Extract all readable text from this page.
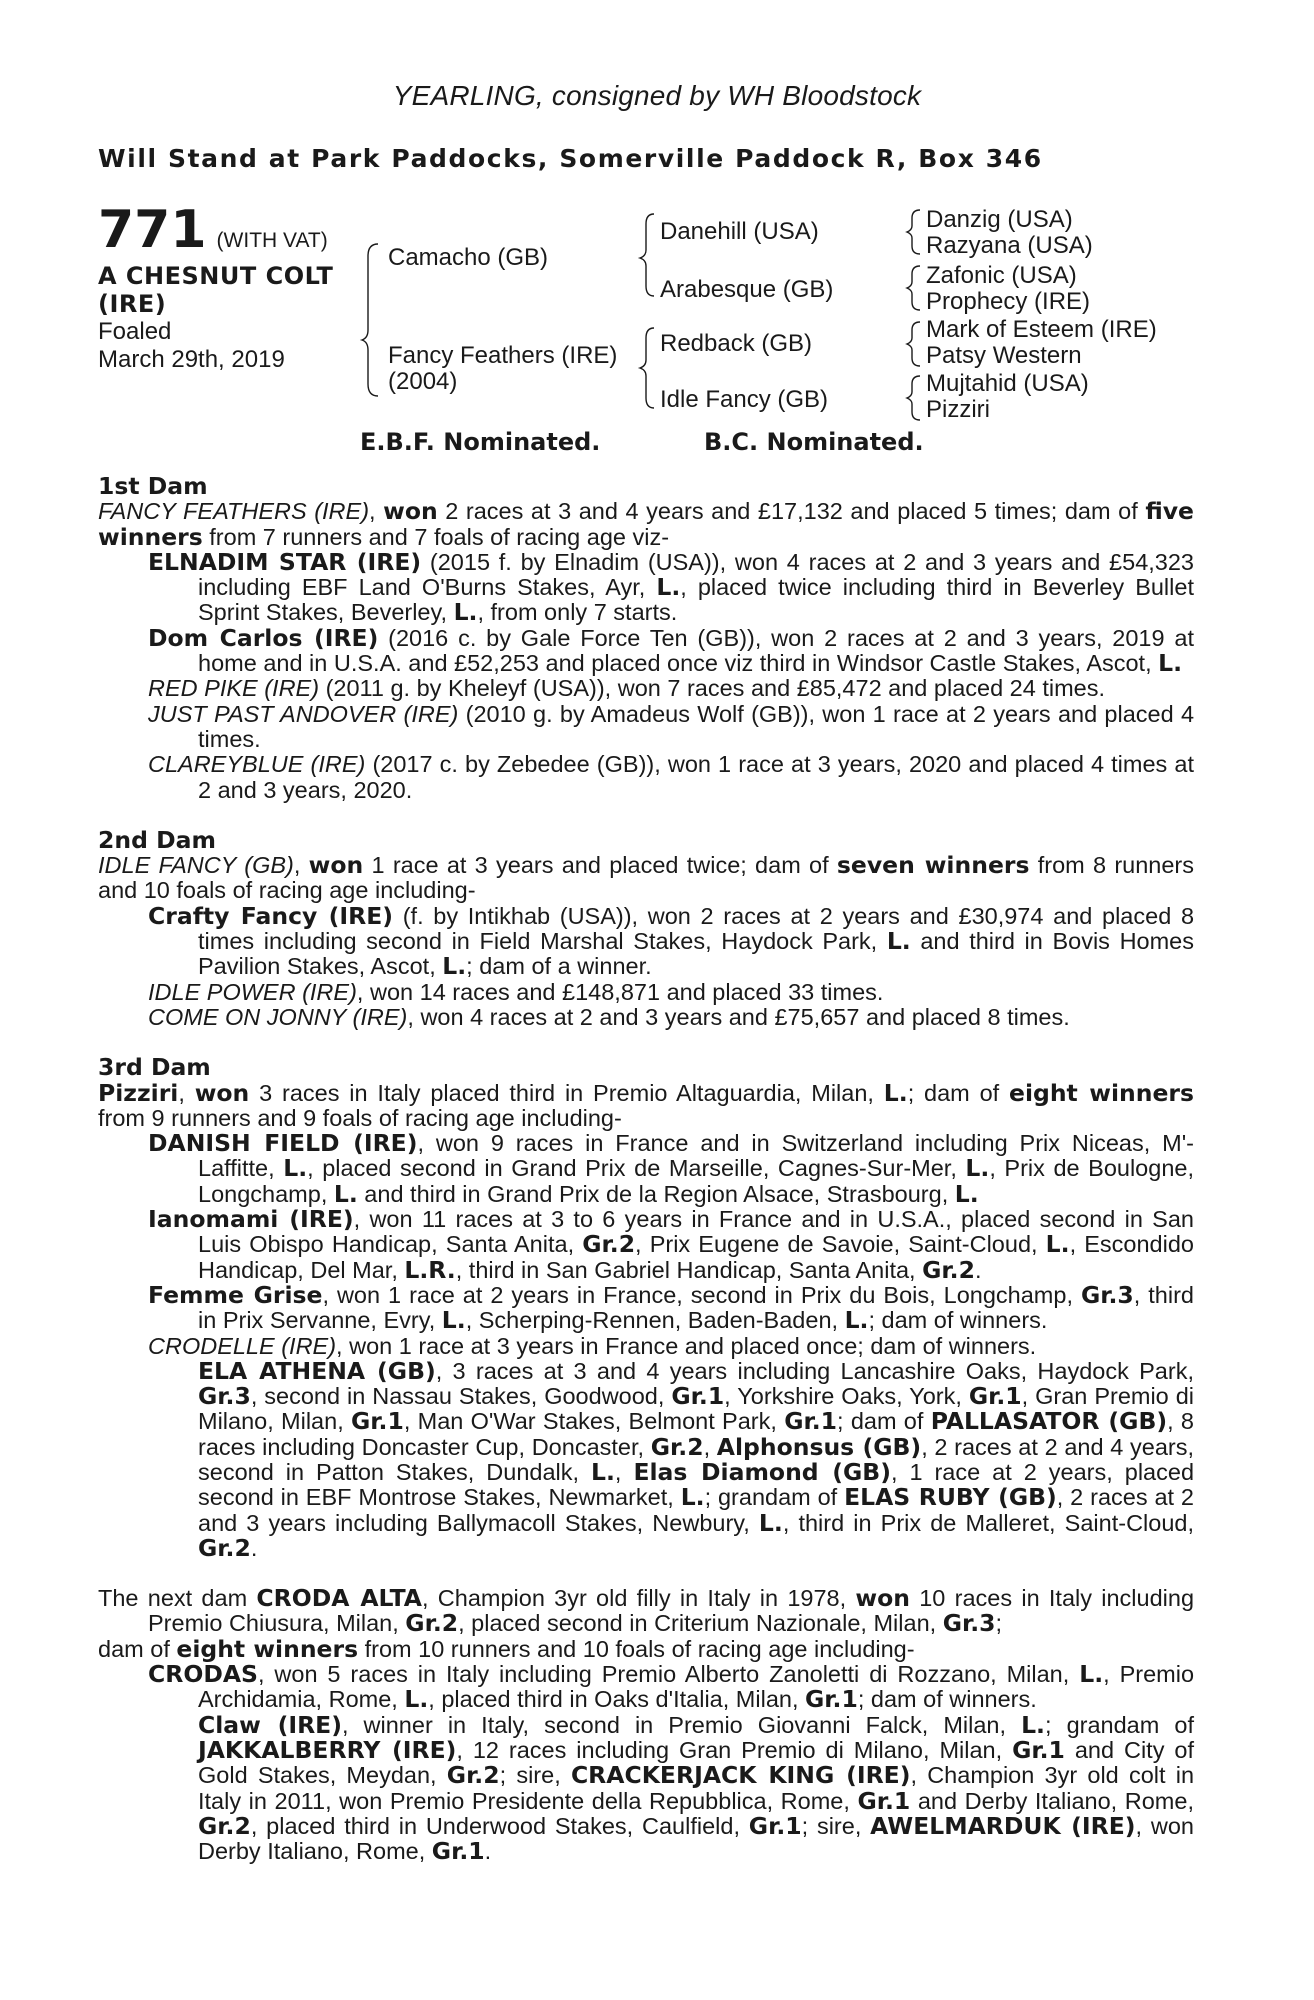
YEARLING, consigned by WH Bloodstock
Will Stand at Park Paddocks, Somerville Paddock R, Box 346
771 (WITH VAT)
A CHESNUT COLT
(IRE)
Foaled
March 29th, 2019
Camacho (GB)
Fancy Feathers (IRE)
(2004)
Danehill (USA)
Arabesque (GB)
Redback (GB)
Idle Fancy (GB)
Danzig (USA)
Razyana (USA)
Zafonic (USA)
Prophecy (IRE)
Mark of Esteem (IRE)
Patsy Western
Mujtahid (USA)
Pizziri
E.B.F. Nominated.	B.C. Nominated.

1st Dam

FANCY FEATHERS (IRE), won 2 races at 3 and 4 years and £17,132 and placed 5 times; dam of five winners from 7 runners and 7 foals of racing age viz-

ELNADIM STAR (IRE) (2015 f. by Elnadim (USA)), won 4 races at 2 and 3 years and £54,323 including EBF Land O'Burns Stakes, Ayr, L., placed twice including third in Beverley Bullet Sprint Stakes, Beverley, L., from only 7 starts.

Dom Carlos (IRE) (2016 c. by Gale Force Ten (GB)), won 2 races at 2 and 3 years, 2019 at home and in U.S.A. and £52,253 and placed once viz third in Windsor Castle Stakes, Ascot, L.

RED PIKE (IRE) (2011 g. by Kheleyf (USA)), won 7 races and £85,472 and placed 24 times.

JUST PAST ANDOVER (IRE) (2010 g. by Amadeus Wolf (GB)), won 1 race at 2 years and placed 4 times.

CLAREYBLUE (IRE) (2017 c. by Zebedee (GB)), won 1 race at 3 years, 2020 and placed 4 times at 2 and 3 years, 2020.

2nd Dam

IDLE FANCY (GB), won 1 race at 3 years and placed twice; dam of seven winners from 8 runners and 10 foals of racing age including-

Crafty Fancy (IRE) (f. by Intikhab (USA)), won 2 races at 2 years and £30,974 and placed 8 times including second in Field Marshal Stakes, Haydock Park, L. and third in Bovis Homes Pavilion Stakes, Ascot, L.; dam of a winner.

IDLE POWER (IRE), won 14 races and £148,871 and placed 33 times.

COME ON JONNY (IRE), won 4 races at 2 and 3 years and £75,657 and placed 8 times.

3rd Dam

Pizziri, won 3 races in Italy placed third in Premio Altaguardia, Milan, L.; dam of eight winners from 9 runners and 9 foals of racing age including-

DANISH FIELD (IRE), won 9 races in France and in Switzerland including Prix Niceas, M'-Laffitte, L., placed second in Grand Prix de Marseille, Cagnes-Sur-Mer, L., Prix de Boulogne, Longchamp, L. and third in Grand Prix de la Region Alsace, Strasbourg, L.

Ianomami (IRE), won 11 races at 3 to 6 years in France and in U.S.A., placed second in San Luis Obispo Handicap, Santa Anita, Gr.2, Prix Eugene de Savoie, Saint-Cloud, L., Escondido Handicap, Del Mar, L.R., third in San Gabriel Handicap, Santa Anita, Gr.2.

Femme Grise, won 1 race at 2 years in France, second in Prix du Bois, Longchamp, Gr.3, third in Prix Servanne, Evry, L., Scherping-Rennen, Baden-Baden, L.; dam of winners.

CRODELLE (IRE), won 1 race at 3 years in France and placed once; dam of winners.

ELA ATHENA (GB), 3 races at 3 and 4 years including Lancashire Oaks, Haydock Park, Gr.3, second in Nassau Stakes, Goodwood, Gr.1, Yorkshire Oaks, York, Gr.1, Gran Premio di Milano, Milan, Gr.1, Man O'War Stakes, Belmont Park, Gr.1; dam of PALLASATOR (GB), 8 races including Doncaster Cup, Doncaster, Gr.2, Alphonsus (GB), 2 races at 2 and 4 years, second in Patton Stakes, Dundalk, L., Elas Diamond (GB), 1 race at 2 years, placed second in EBF Montrose Stakes, Newmarket, L.; grandam of ELAS RUBY (GB), 2 races at 2 and 3 years including Ballymacoll Stakes, Newbury, L., third in Prix de Malleret, Saint-Cloud, Gr.2.

The next dam CRODA ALTA, Champion 3yr old filly in Italy in 1978, won 10 races in Italy including Premio Chiusura, Milan, Gr.2, placed second in Criterium Nazionale, Milan, Gr.3;

dam of eight winners from 10 runners and 10 foals of racing age including-

CRODAS, won 5 races in Italy including Premio Alberto Zanoletti di Rozzano, Milan, L., Premio Archidamia, Rome, L., placed third in Oaks d'Italia, Milan, Gr.1; dam of winners.

Claw (IRE), winner in Italy, second in Premio Giovanni Falck, Milan, L.; grandam of JAKKALBERRY (IRE), 12 races including Gran Premio di Milano, Milan, Gr.1 and City of Gold Stakes, Meydan, Gr.2; sire, CRACKERJACK KING (IRE), Champion 3yr old colt in Italy in 2011, won Premio Presidente della Repubblica, Rome, Gr.1 and Derby Italiano, Rome, Gr.2, placed third in Underwood Stakes, Caulfield, Gr.1; sire, AWELMARDUK (IRE), won Derby Italiano, Rome, Gr.1.
